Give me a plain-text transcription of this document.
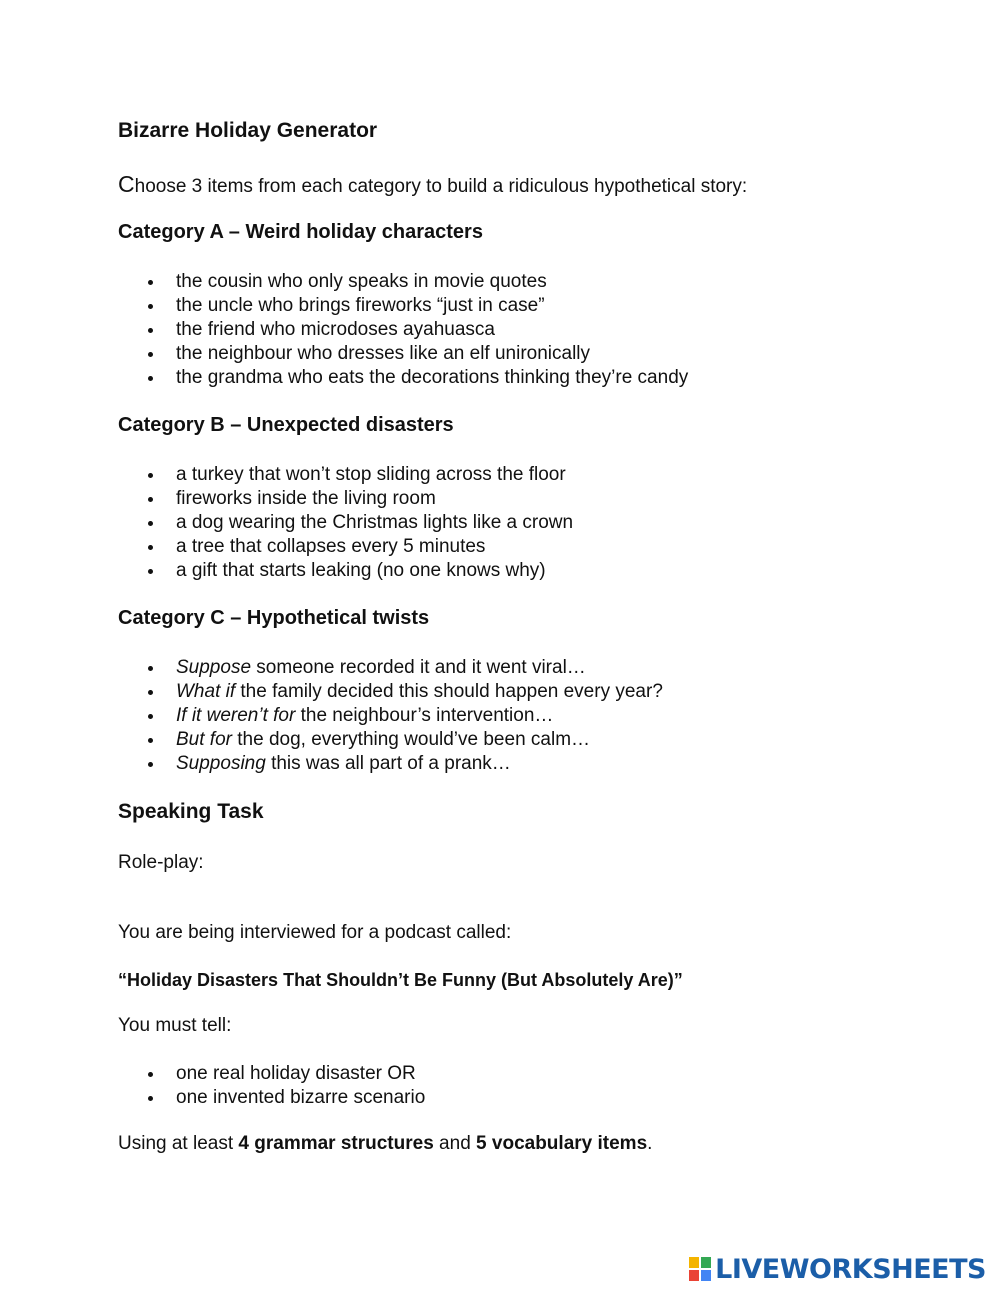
Bizarre Holiday Generator
Choose 3 items from each category to build a ridiculous hypothetical story:
Category A – Weird holiday characters
the cousin who only speaks in movie quotes
the uncle who brings fireworks “just in case”
the friend who microdoses ayahuasca
the neighbour who dresses like an elf unironically
the grandma who eats the decorations thinking they’re candy
Category B – Unexpected disasters
a turkey that won’t stop sliding across the floor
fireworks inside the living room
a dog wearing the Christmas lights like a crown
a tree that collapses every 5 minutes
a gift that starts leaking (no one knows why)
Category C – Hypothetical twists
Suppose someone recorded it and it went viral…
What if the family decided this should happen every year?
If it weren’t for the neighbour’s intervention…
But for the dog, everything would’ve been calm…
Supposing this was all part of a prank…
Speaking Task
Role-play:
You are being interviewed for a podcast called:
“Holiday Disasters That Shouldn’t Be Funny (But Absolutely Are)”
You must tell:
one real holiday disaster OR
one invented bizarre scenario
Using at least 4 grammar structures and 5 vocabulary items.
LIVEWORKSHEETS
